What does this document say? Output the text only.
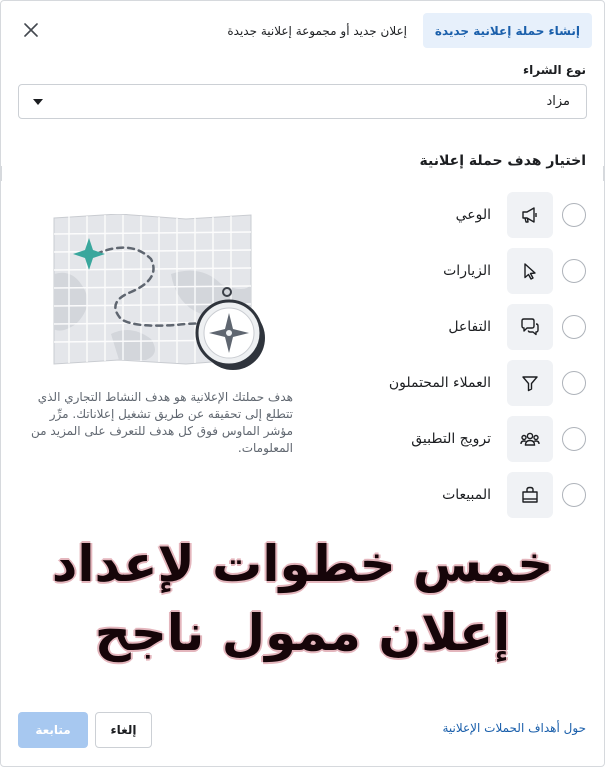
إنشاء حملة إعلانية جديدة
إعلان جديد أو مجموعة إعلانية جديدة
نوع الشراء
مزاد
اختيار هدف حملة إعلانية
الوعي
الزيارات
التفاعل
العملاء المحتملون
ترويج التطبيق
المبيعات
هدف حملتك الإعلانية هو هدف النشاط التجاري الذي تتطلع إلى تحقيقه عن طريق تشغيل إعلاناتك. مرِّر مؤشر الماوس فوق كل هدف للتعرف على المزيد من المعلومات.
خمس خطوات لإعداد
إعلان ممول ناجح
حول أهداف الحملات الإعلانية
إلغاء
متابعة
